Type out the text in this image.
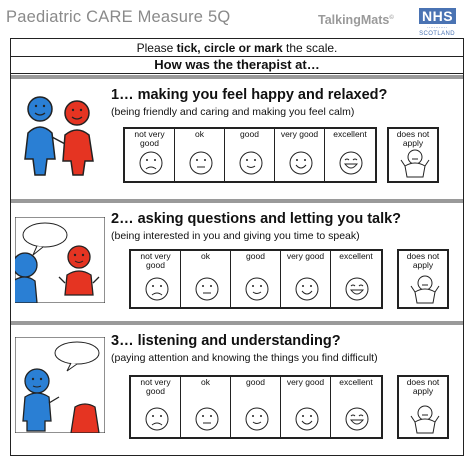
Paediatric CARE Measure 5Q	TalkingMats© NHS
············
SCOTLAND
Please tick, circle or mark the scale.
How was the therapist at…
1… making you feel happy and relaxed?
(being friendly and caring and making you feel calm)
not very good
ok	good	very good	excellent	does not apply
2… asking questions and letting you talk?
(being interested in you and giving you time to speak)
not very good
ok	good	very good	excellent	does not apply
3… listening and understanding?
(paying attention and knowing the things you find difficult)
not very good
ok	good	very good	excellent	does not apply
